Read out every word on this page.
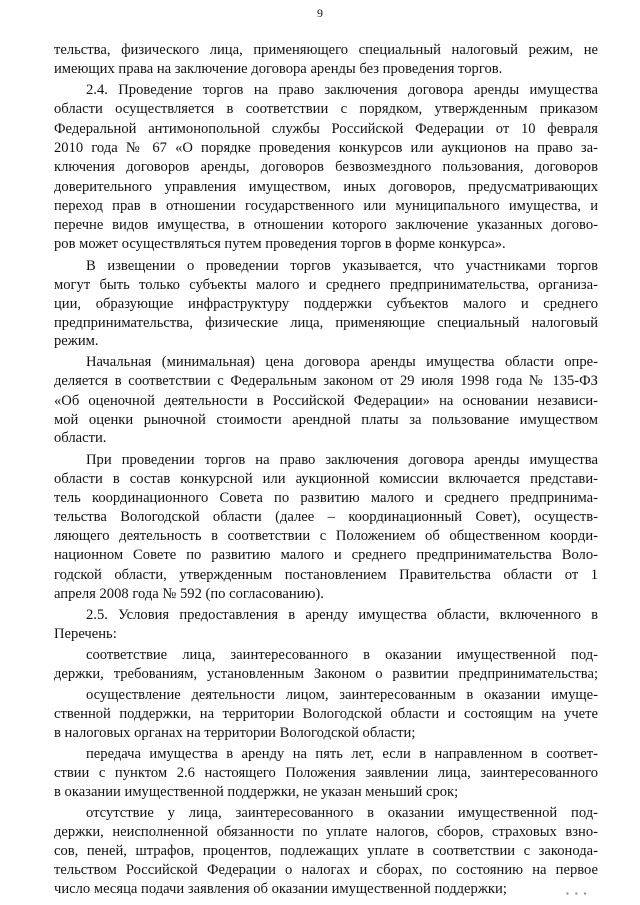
9
тельства, физического лица, применяющего специальный налоговый режим, не
имеющих права на заключение договора аренды без проведения торгов.
2.4. Проведение торгов на право заключения договора аренды имущества
области осуществляется в соответствии с порядком, утвержденным приказом
Федеральной антимонопольной службы Российской Федерации от 10 февраля
2010 года № 67 «О порядке проведения конкурсов или аукционов на право за-
ключения договоров аренды, договоров безвозмездного пользования, договоров
доверительного управления имуществом, иных договоров, предусматривающих
переход прав в отношении государственного или муниципального имущества, и
перечне видов имущества, в отношении которого заключение указанных догово-
ров может осуществляться путем проведения торгов в форме конкурса».
В извещении о проведении торгов указывается, что участниками торгов
могут быть только субъекты малого и среднего предпринимательства, организа-
ции, образующие инфраструктуру поддержки субъектов малого и среднего
предпринимательства, физические лица, применяющие специальный налоговый
режим.
Начальная (минимальная) цена договора аренды имущества области опре-
деляется в соответствии с Федеральным законом от 29 июля 1998 года № 135-ФЗ
«Об оценочной деятельности в Российской Федерации» на основании независи-
мой оценки рыночной стоимости арендной платы за пользование имуществом
области.
При проведении торгов на право заключения договора аренды имущества
области в состав конкурсной или аукционной комиссии включается представи-
тель координационного Совета по развитию малого и среднего предпринима-
тельства Вологодской области (далее – координационный Совет), осуществ-
ляющего деятельность в соответствии с Положением об общественном коорди-
национном Совете по развитию малого и среднего предпринимательства Воло-
годской области, утвержденным постановлением Правительства области от 1
апреля 2008 года № 592 (по согласованию).
2.5. Условия предоставления в аренду имущества области, включенного в
Перечень:
соответствие лица, заинтересованного в оказании имущественной под-
держки, требованиям, установленным Законом о развитии предпринимательства;
осуществление деятельности лицом, заинтересованным в оказании имуще-
ственной поддержки, на территории Вологодской области и состоящим на учете
в налоговых органах на территории Вологодской области;
передача имущества в аренду на пять лет, если в направленном в соответ-
ствии с пунктом 2.6 настоящего Положения заявлении лица, заинтересованного
в оказании имущественной поддержки, не указан меньший срок;
отсутствие у лица, заинтересованного в оказании имущественной под-
держки, неисполненной обязанности по уплате налогов, сборов, страховых взно-
сов, пеней, штрафов, процентов, подлежащих уплате в соответствии с законода-
тельством Российской Федерации о налогах и сборах, по состоянию на первое
число месяца подачи заявления об оказании имущественной поддержки;	▪ ▪ ▪
